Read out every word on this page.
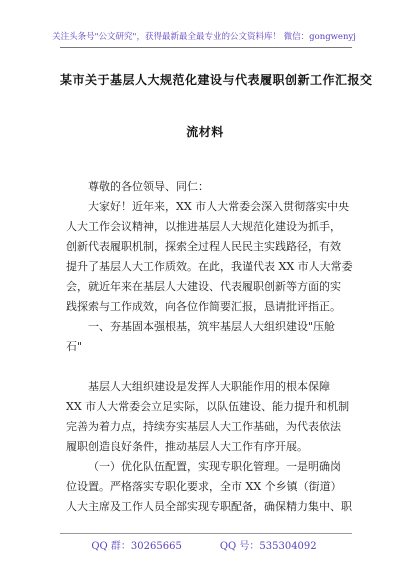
关注头条号"公文研究"，获得最新最全最专业的公文资料库！ 微信：gongwenyj
某市关于基层人大规范化建设与代表履职创新工作汇报交
流材料
尊敬的各位领导、同仁：
大家好！近年来，XX 市人大常委会深入贯彻落实中央
人大工作会议精神，以推进基层人大规范化建设为抓手，
创新代表履职机制，探索全过程人民民主实践路径，有效
提升了基层人大工作质效。在此，我谨代表 XX 市人大常委
会，就近年来在基层人大建设、代表履职创新等方面的实
践探索与工作成效，向各位作简要汇报，恳请批评指正。
一、夯基固本强根基，筑牢基层人大组织建设"压舱
石"
基层人大组织建设是发挥人大职能作用的根本保障
XX 市人大常委会立足实际，以队伍建设、能力提升和机制
完善为着力点，持续夯实基层人大工作基础，为代表依法
履职创造良好条件，推动基层人大工作有序开展。
（一）优化队伍配置，实现专职化管理。一是明确岗
位设置。严格落实专职化要求，全市 XX 个乡镇（街道）
人大主席及工作人员全部实现专职配备，确保精力集中、职
QQ 群：30265665	QQ 号：535304092
